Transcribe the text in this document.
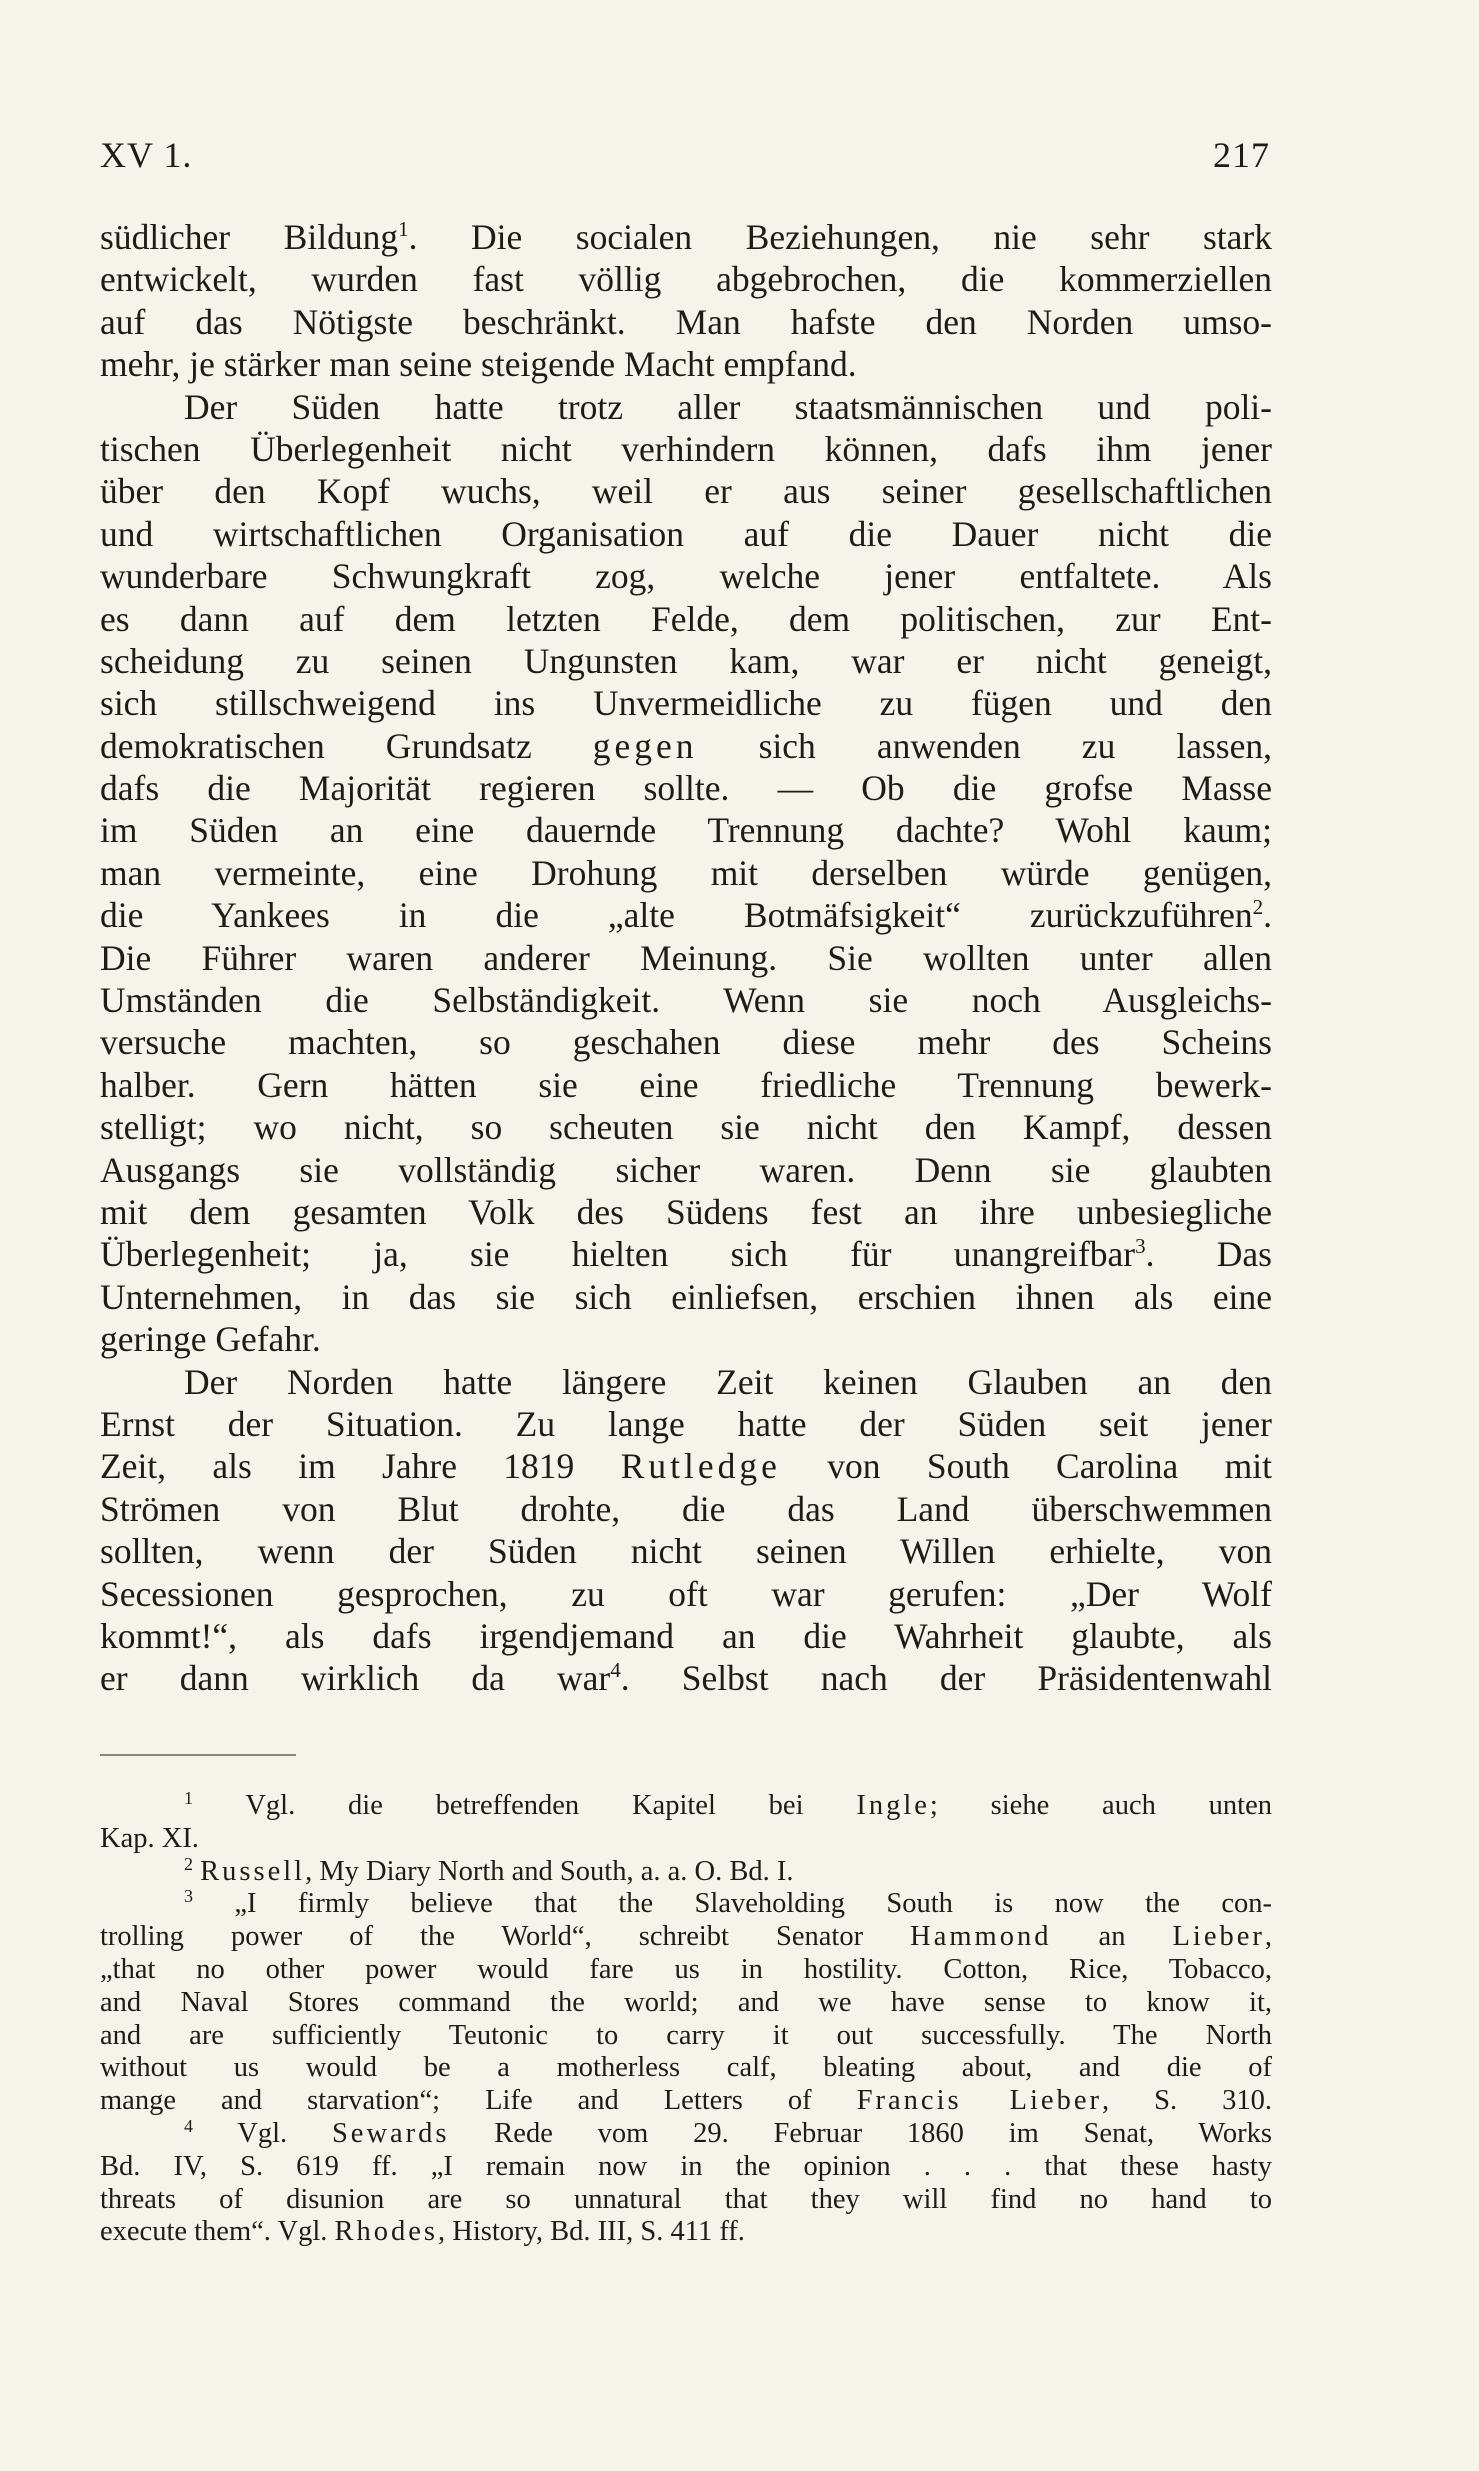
XV 1.	217
südlicher Bildung$^1$. Die socialen Beziehungen, nie sehr stark
entwickelt, wurden fast völlig abgebrochen, die kommerziellen
auf das Nötigste beschränkt. Man hafste den Norden umso-
mehr, je stärker man seine steigende Macht empfand.
Der Süden hatte trotz aller staatsmännischen und poli-
tischen Überlegenheit nicht verhindern können, dafs ihm jener
über den Kopf wuchs, weil er aus seiner gesellschaftlichen
und wirtschaftlichen Organisation auf die Dauer nicht die
wunderbare Schwungkraft zog, welche jener entfaltete. Als
es dann auf dem letzten Felde, dem politischen, zur Ent-
scheidung zu seinen Ungunsten kam, war er nicht geneigt,
sich stillschweigend ins Unvermeidliche zu fügen und den
demokratischen Grundsatz gegen sich anwenden zu lassen,
dafs die Majorität regieren sollte. — Ob die grofse Masse
im Süden an eine dauernde Trennung dachte? Wohl kaum;
man vermeinte, eine Drohung mit derselben würde genügen,
die Yankees in die „alte Botmäfsigkeit“ zurückzuführen$^2$.
Die Führer waren anderer Meinung. Sie wollten unter allen
Umständen die Selbständigkeit. Wenn sie noch Ausgleichs-
versuche machten, so geschahen diese mehr des Scheins
halber. Gern hätten sie eine friedliche Trennung bewerk-
stelligt; wo nicht, so scheuten sie nicht den Kampf, dessen
Ausgangs sie vollständig sicher waren. Denn sie glaubten
mit dem gesamten Volk des Südens fest an ihre unbesiegliche
Überlegenheit; ja, sie hielten sich für unangreifbar$^3$. Das
Unternehmen, in das sie sich einliefsen, erschien ihnen als eine
geringe Gefahr.
Der Norden hatte längere Zeit keinen Glauben an den
Ernst der Situation. Zu lange hatte der Süden seit jener
Zeit, als im Jahre 1819 Rutledge von South Carolina mit
Strömen von Blut drohte, die das Land überschwemmen
sollten, wenn der Süden nicht seinen Willen erhielte, von
Secessionen gesprochen, zu oft war gerufen: „Der Wolf
kommt!“, als dafs irgendjemand an die Wahrheit glaubte, als
er dann wirklich da war$^4$. Selbst nach der Präsidentenwahl
$^1$ Vgl. die betreffenden Kapitel bei Ingle; siehe auch unten
Kap. XI.
$^2$ Russell, My Diary North and South, a. a. O. Bd. I.
$^3$ „I firmly believe that the Slaveholding South is now the con-
trolling power of the World“, schreibt Senator Hammond an Lieber,
„that no other power would fare us in hostility. Cotton, Rice, Tobacco,
and Naval Stores command the world; and we have sense to know it,
and are sufficiently Teutonic to carry it out successfully. The North
without us would be a motherless calf, bleating about, and die of
mange and starvation“; Life and Letters of Francis Lieber, S. 310.
$^4$ Vgl. Sewards Rede vom 29. Februar 1860 im Senat, Works
Bd. IV, S. 619 ff. „I remain now in the opinion . . . that these hasty
threats of disunion are so unnatural that they will find no hand to
execute them“. Vgl. Rhodes, History, Bd. III, S. 411 ff.
